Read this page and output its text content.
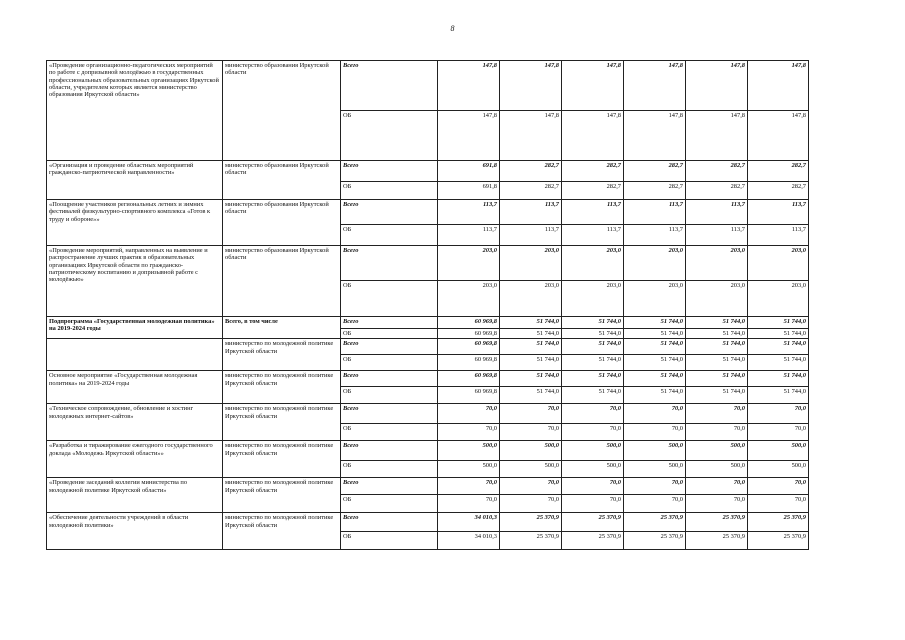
8
«Проведение организационно-педагогических мероприятий по работе с допризывной молодёжью в государственных профессиональных образовательных организациях Иркутской области, учредителем которых является министерство образования Иркутской области»	министерство образования Иркутской области	Всего	147,8	147,8	147,8	147,8	147,8	147,8
		ОБ	147,8	147,8	147,8	147,8	147,8	147,8
«Организация и проведение областных мероприятий гражданско-патриотической направленности»	министерство образования Иркутской области	Всего	691,8	282,7	282,7	282,7	282,7	282,7
		ОБ	691,8	282,7	282,7	282,7	282,7	282,7
«Поощрение участников региональных летних и зимних фестивалей физкультурно-спортивного комплекса «Готов к труду и обороне»»	министерство образования Иркутской области	Всего	113,7	113,7	113,7	113,7	113,7	113,7
		ОБ	113,7	113,7	113,7	113,7	113,7	113,7
«Проведение мероприятий, направленных на выявление и распространение лучших практик в образовательных организациях Иркутской области по гражданско-патриотическому воспитанию и допризывной работе с молодёжью»	министерство образования Иркутской области	Всего	203,0	203,0	203,0	203,0	203,0	203,0
		ОБ	203,0	203,0	203,0	203,0	203,0	203,0
Подпрограмма «Государственная молодежная политика» на 2019-2024 годы	Всего, в том числе	Всего	60 969,8	51 744,0	51 744,0	51 744,0	51 744,0	51 744,0
		ОБ	60 969,8	51 744,0	51 744,0	51 744,0	51 744,0	51 744,0
	министерство по молодежной политике Иркутской области	Всего	60 969,8	51 744,0	51 744,0	51 744,0	51 744,0	51 744,0
		ОБ	60 969,8	51 744,0	51 744,0	51 744,0	51 744,0	51 744,0
Основное мероприятие «Государственная молодежная политика» на 2019-2024 годы	министерство по молодежной политике Иркутской области	Всего	60 969,8	51 744,0	51 744,0	51 744,0	51 744,0	51 744,0
		ОБ	60 969,8	51 744,0	51 744,0	51 744,0	51 744,0	51 744,0
«Техническое сопровождение, обновление и хостинг молодежных интернет-сайтов»	министерство по молодежной политике Иркутской области	Всего	70,0	70,0	70,0	70,0	70,0	70,0
		ОБ	70,0	70,0	70,0	70,0	70,0	70,0
«Разработка и тиражирование ежегодного государственного доклада «Молодежь Иркутской области»»	министерство по молодежной политике Иркутской области	Всего	500,0	500,0	500,0	500,0	500,0	500,0
		ОБ	500,0	500,0	500,0	500,0	500,0	500,0
«Проведение заседаний коллегии министерства по молодежной политике Иркутской области»	министерство по молодежной политике Иркутской области	Всего	70,0	70,0	70,0	70,0	70,0	70,0
		ОБ	70,0	70,0	70,0	70,0	70,0	70,0
«Обеспечение деятельности учреждений в области молодежной политики»	министерство по молодежной политике Иркутской области	Всего	34 010,3	25 370,9	25 370,9	25 370,9	25 370,9	25 370,9
		ОБ	34 010,3	25 370,9	25 370,9	25 370,9	25 370,9	25 370,9
